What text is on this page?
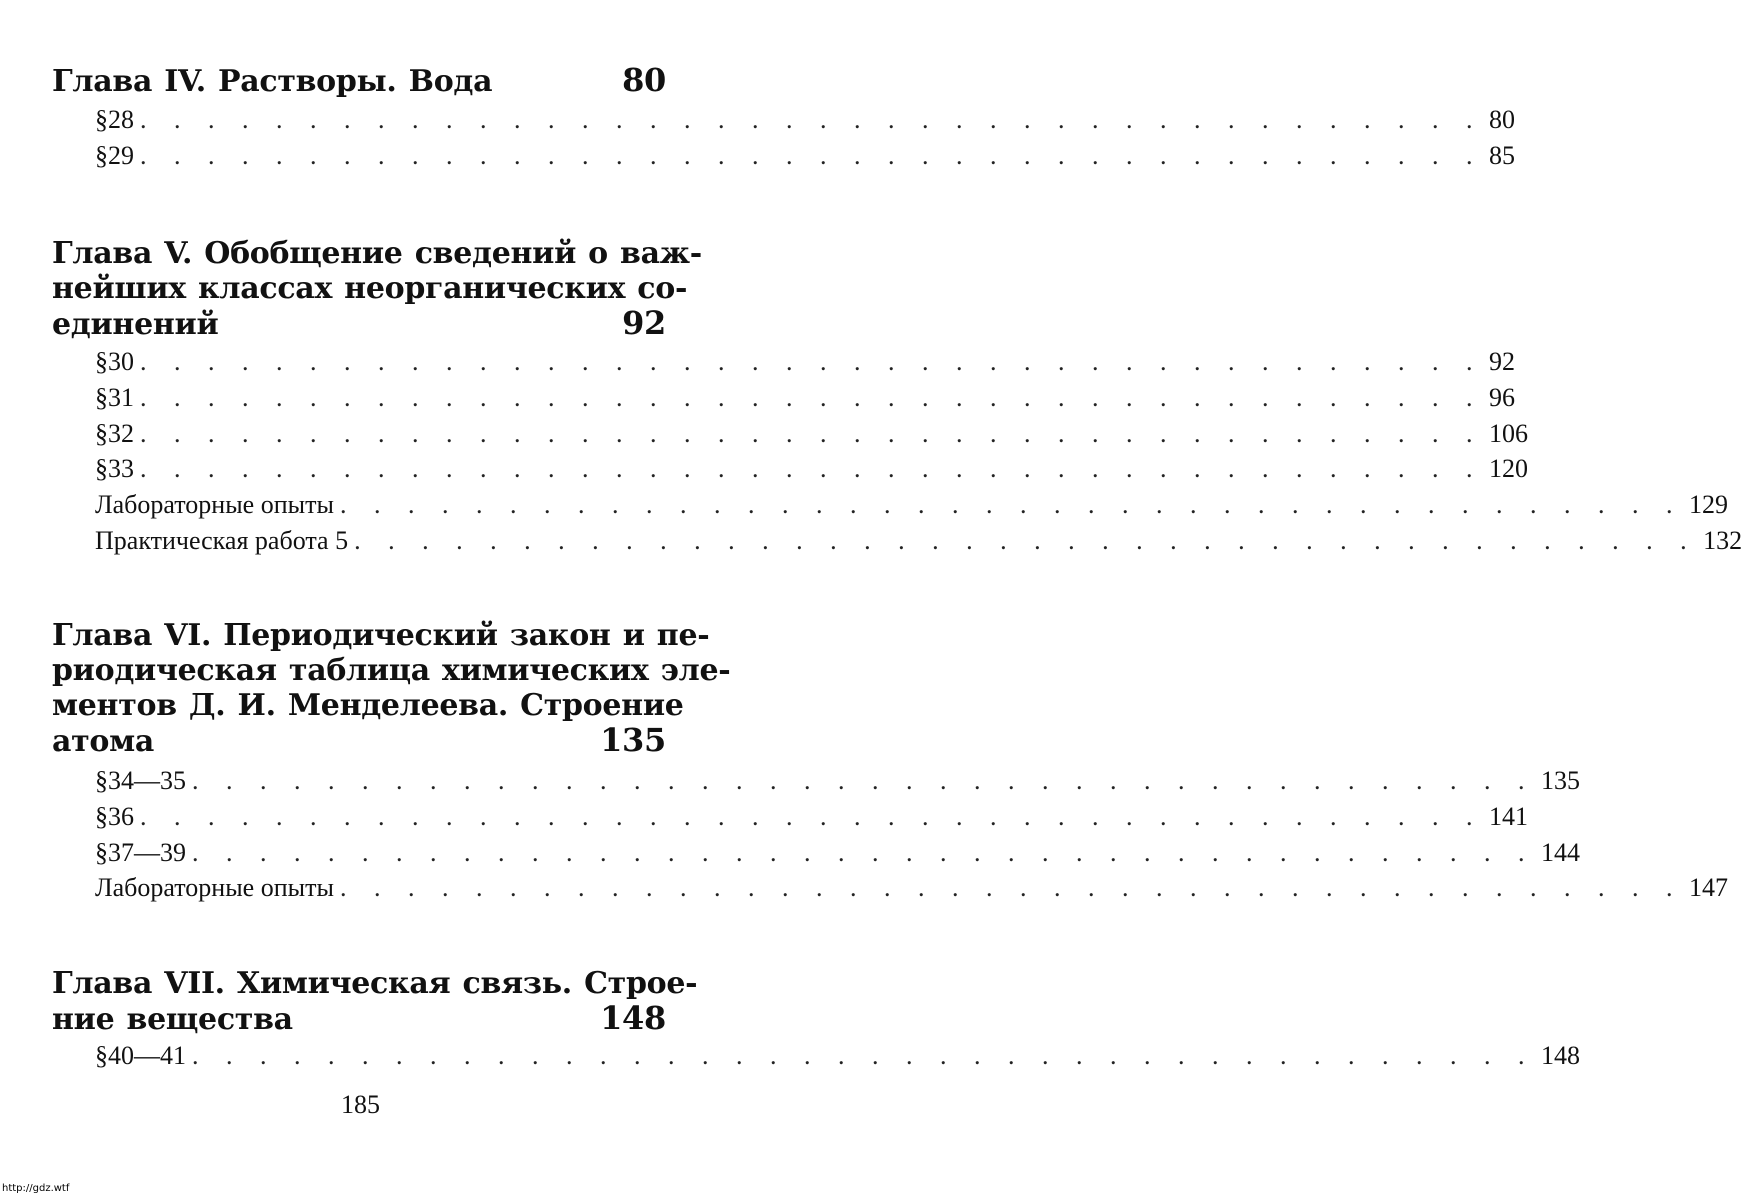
Глава IV. Растворы. Вода	80
§28 . . . . . . . . . . . . . . . . . . . . . . . . . . . . . . . . . . . . . . . . 80
§29 . . . . . . . . . . . . . . . . . . . . . . . . . . . . . . . . . . . . . . . . 85
Глава V. Обобщение сведений о важ-
нейших классах неорганических со-
единений	92
§30 . . . . . . . . . . . . . . . . . . . . . . . . . . . . . . . . . . . . . . . . 92
§31 . . . . . . . . . . . . . . . . . . . . . . . . . . . . . . . . . . . . . . . . 96
§32 . . . . . . . . . . . . . . . . . . . . . . . . . . . . . . . . . . . . . . . . 106
§33 . . . . . . . . . . . . . . . . . . . . . . . . . . . . . . . . . . . . . . . . 120
Лабораторные опыты . . . . . . . . . . . . . . . . . . . . . . . . . . . . . . . . . . . . . . . . 129
Практическая работа 5 . . . . . . . . . . . . . . . . . . . . . . . . . . . . . . . . . . . . . . . . 132
Глава VI. Периодический закон и пе-
риодическая таблица химических эле-
ментов Д. И. Менделеева. Строение
атома	135
§34—35 . . . . . . . . . . . . . . . . . . . . . . . . . . . . . . . . . . . . . . . . 135
§36 . . . . . . . . . . . . . . . . . . . . . . . . . . . . . . . . . . . . . . . . 141
§37—39 . . . . . . . . . . . . . . . . . . . . . . . . . . . . . . . . . . . . . . . . 144
Лабораторные опыты . . . . . . . . . . . . . . . . . . . . . . . . . . . . . . . . . . . . . . . . 147
Глава VII. Химическая связь. Строе-
ние вещества	148
§40—41 . . . . . . . . . . . . . . . . . . . . . . . . . . . . . . . . . . . . . . . . 148
185
http://gdz.wtf
